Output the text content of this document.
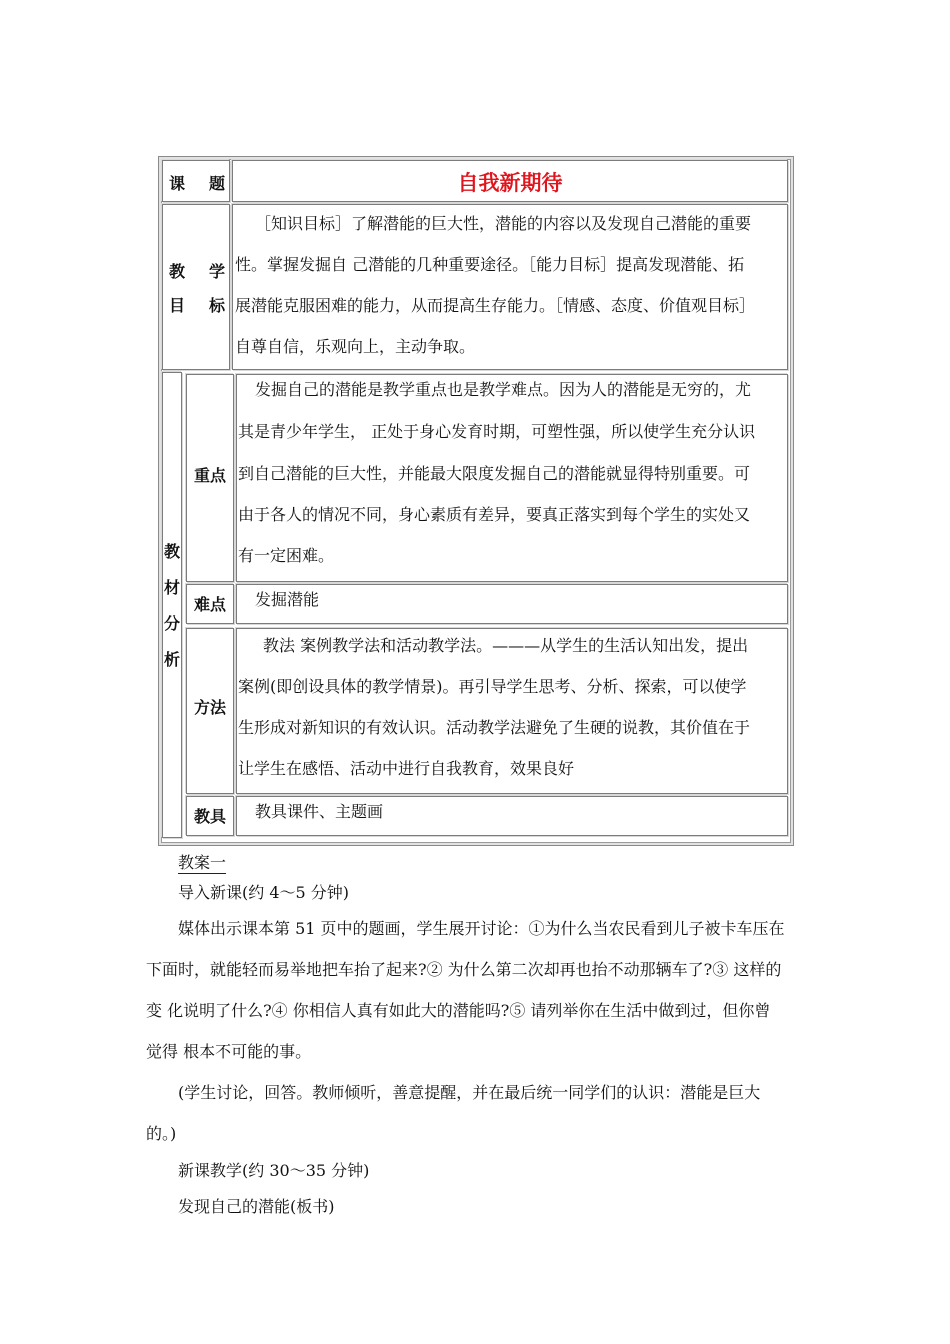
课 题	自我新期待
教 学
目 标
［知识目标］了解潜能的巨大性，潜能的内容以及发现自己潜能的重要
性。掌握发掘自 己潜能的几种重要途径。［能力目标］提高发现潜能、拓
展潜能克服困难的能力，从而提高生存能力。［情感、态度、价值观目标］
自尊自信，乐观向上，主动争取。
教
材
分
析
重点
发掘自己的潜能是教学重点也是教学难点。因为人的潜能是无穷的，尤
其是青少年学生， 正处于身心发育时期，可塑性强，所以使学生充分认识
到自己潜能的巨大性，并能最大限度发掘自己的潜能就显得特别重要。可
由于各人的情况不同，身心素质有差异，要真正落实到每个学生的实处又
有一定困难。
难点 发掘潜能
方法
教法 案例教学法和活动教学法。———从学生的生活认知出发，提出
案例(即创设具体的教学情景)。再引导学生思考、分析、探索，可以使学
生形成对新知识的有效认识。活动教学法避免了生硬的说教，其价值在于
让学生在感悟、活动中进行自我教育，效果良好
教具 教具课件、主题画
教案一
导入新课(约 4～5 分钟)
媒体出示课本第 51 页中的题画，学生展开讨论：①为什么当农民看到儿子被卡车压在
下面时，就能轻而易举地把车抬了起来?② 为什么第二次却再也抬不动那辆车了?③ 这样的
变 化说明了什么?④ 你相信人真有如此大的潜能吗?⑤ 请列举你在生活中做到过，但你曾
觉得 根本不可能的事。
(学生讨论，回答。教师倾听，善意提醒，并在最后统一同学们的认识：潜能是巨大
的。)
新课教学(约 30～35 分钟)
发现自己的潜能(板书)
